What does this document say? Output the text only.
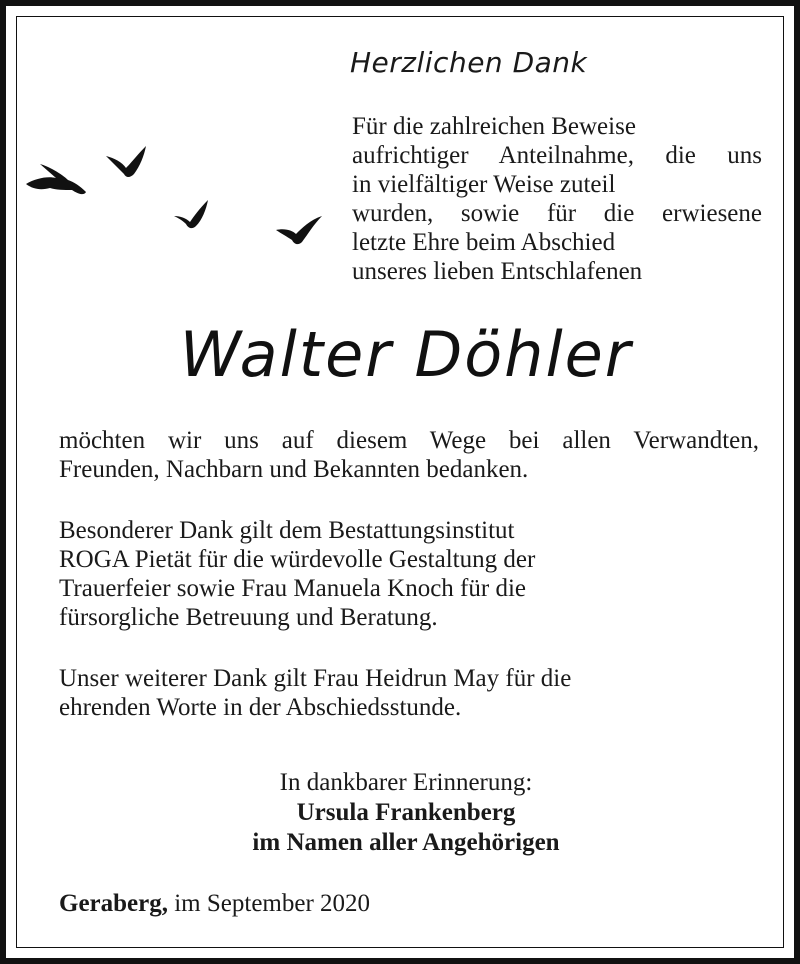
Herzlichen Dank
Für die zahlreichen Beweise
aufrichtiger Anteilnahme, die uns
in vielfältiger Weise zuteil
wurden, sowie für die erwiesene
letzte Ehre beim Abschied
unseres lieben Entschlafenen
Walter Döhler
möchten wir uns auf diesem Wege bei allen Verwandten,
Freunden, Nachbarn und Bekannten bedanken.
Besonderer Dank gilt dem Bestattungsinstitut
ROGA Pietät für die würdevolle Gestaltung der
Trauerfeier sowie Frau Manuela Knoch für die
fürsorgliche Betreuung und Beratung.
Unser weiterer Dank gilt Frau Heidrun May für die
ehrenden Worte in der Abschiedsstunde.
In dankbarer Erinnerung:
Ursula Frankenberg
im Namen aller Angehörigen
Geraberg, im September 2020
